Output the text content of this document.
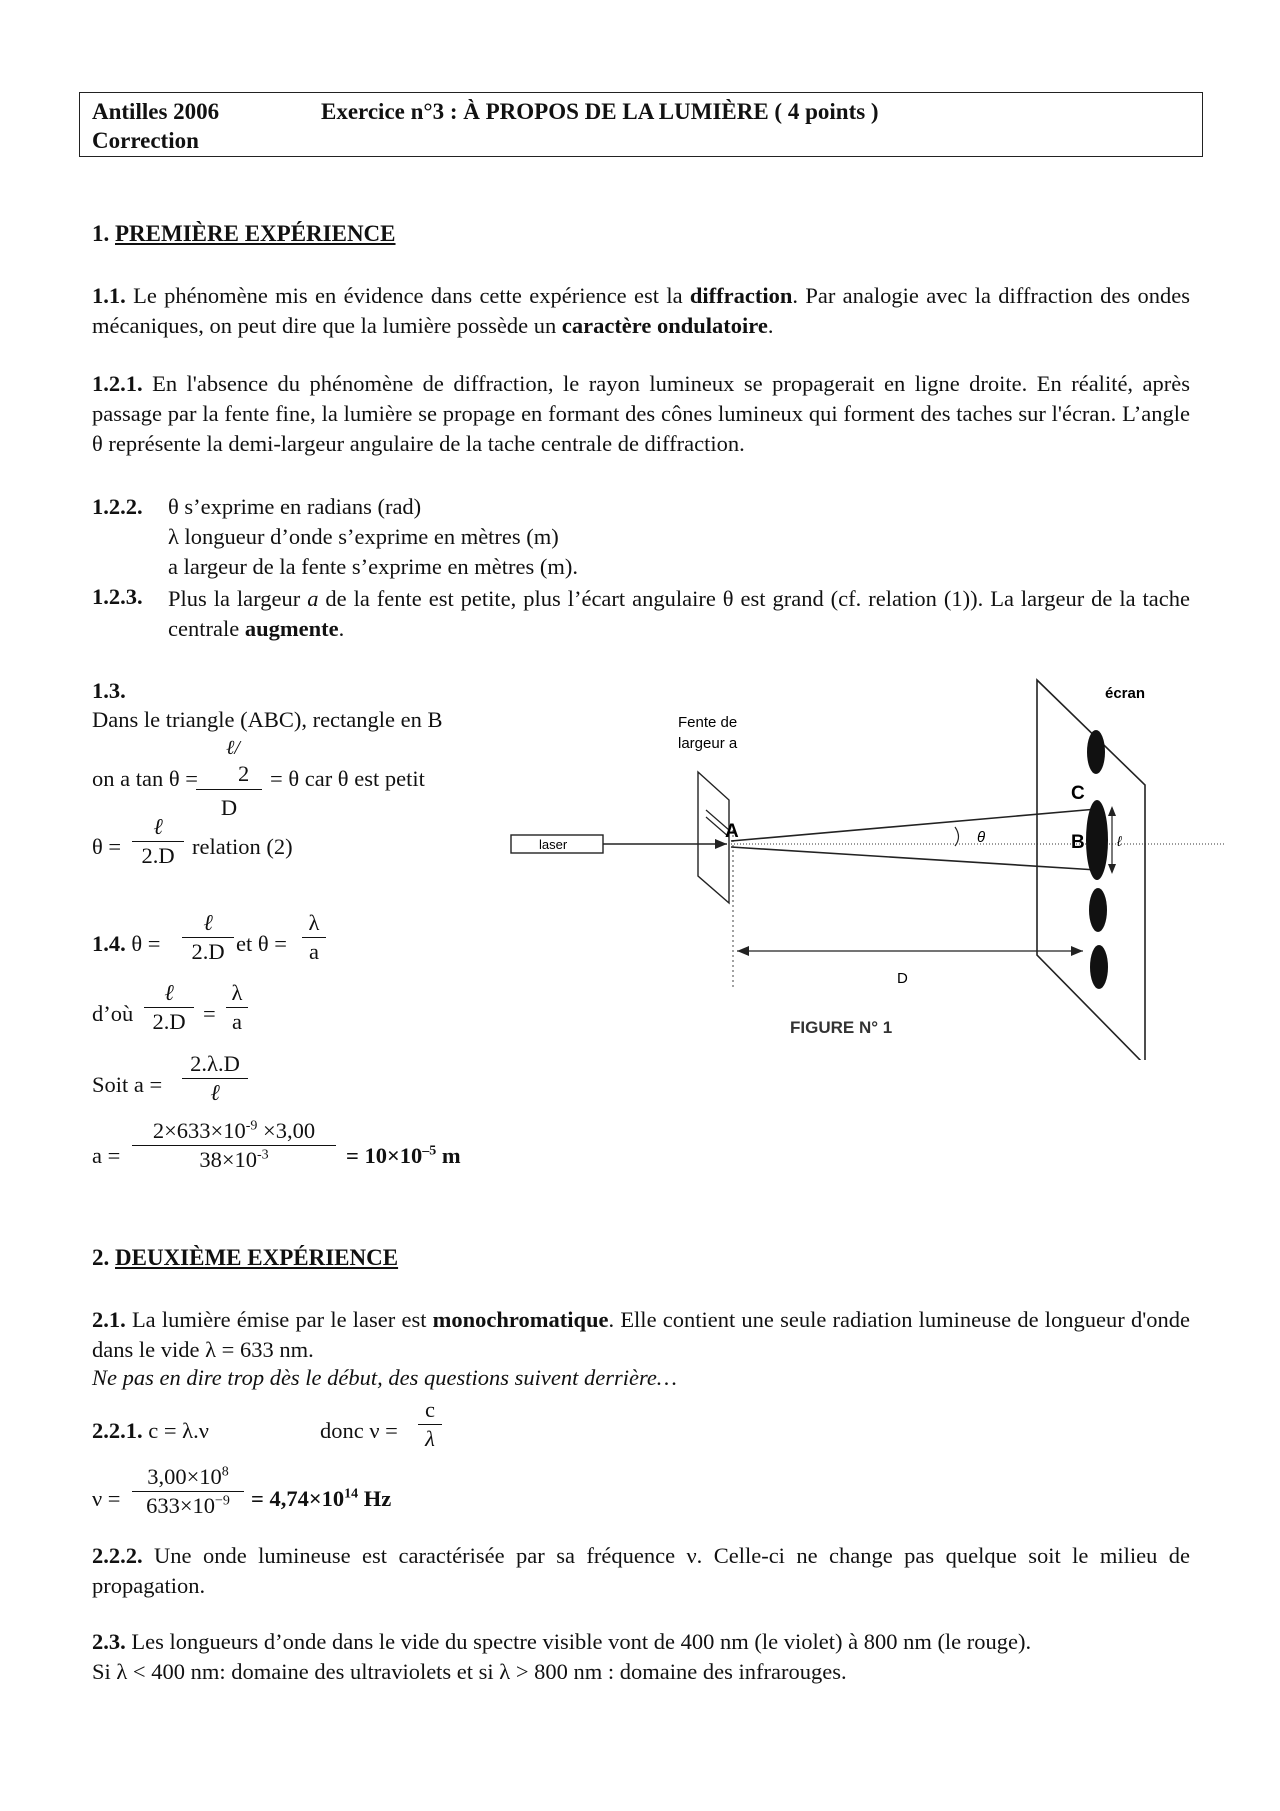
Antilles 2006
Correction
Exercice n°3 : À PROPOS DE LA LUMIÈRE ( 4 points )
1. PREMIÈRE EXPÉRIENCE
1.1. Le phénomène mis en évidence dans cette expérience est la diffraction. Par analogie avec la diffraction des ondes mécaniques, on peut dire que la lumière possède un caractère ondulatoire.
1.2.1. En l'absence du phénomène de diffraction, le rayon lumineux se propagerait en ligne droite. En réalité, après passage par la fente fine, la lumière se propage en formant des cônes lumineux qui forment des taches sur l'écran. L’angle θ représente la demi-largeur angulaire de la tache centrale de diffraction.
1.2.2. θ s’exprime en radians (rad)
λ longueur d’onde s’exprime en mètres (m)
a largeur de la fente s’exprime en mètres (m).
1.2.3. Plus la largeur a de la fente est petite, plus l’écart angulaire θ est grand (cf. relation (1)). La largeur de la tache centrale augmente.
1.3.
Dans le triangle (ABC), rectangle en B
on a tan θ =
ℓ/
2
D
= θ car θ est petit
θ =
ℓ
2.D relation (2)
1.4. θ =
ℓ
2.D et θ =
λ
a
d’où
ℓ
2.D =
λ
a
Soit a =
2.λ.D
ℓ
a =
$2\times 633\times 10^{-9} \times 3,00$
$38\times 10^{-3}$	= $10\times 10^{-5}$ m
écran
Fente de
largeur a
laser	θ	ℓ
C
B
A
D
FIGURE N° 1
2. DEUXIÈME EXPÉRIENCE
2.1. La lumière émise par le laser est monochromatique. Elle contient une seule radiation lumineuse de longueur d'onde dans le vide λ = 633 nm.
Ne pas en dire trop dès le début, des questions suivent derrière…
2.2.1. c = λ.ν	donc ν =
c
λ
ν =
$3,00\times 10^8$
$633\times 10^{-9} = 4,74\times 10^{14}$ Hz
2.2.2. Une onde lumineuse est caractérisée par sa fréquence ν. Celle-ci ne change pas quelque soit le milieu de propagation.
2.3. Les longueurs d’onde dans le vide du spectre visible vont de 400 nm (le violet) à 800 nm (le rouge).
Si λ < 400 nm: domaine des ultraviolets et si λ > 800 nm : domaine des infrarouges.
